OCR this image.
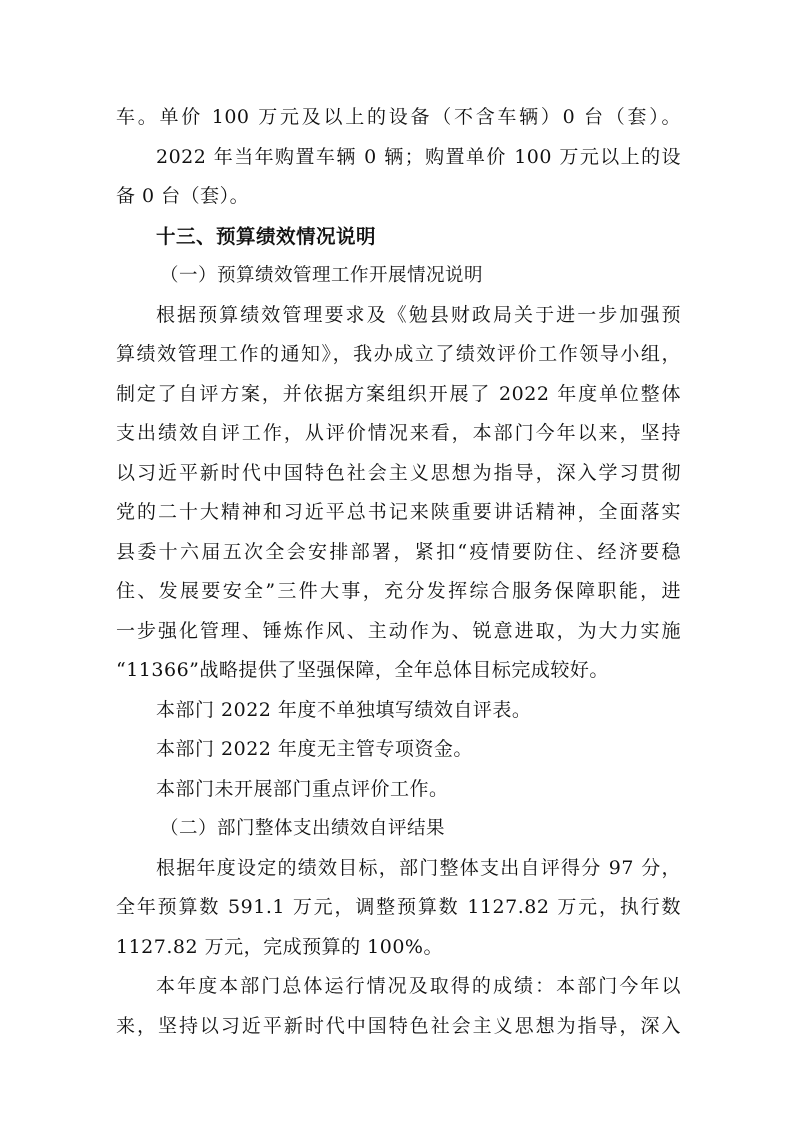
车。单价 100 万元及以上的设备（不含车辆）0 台（套）。
2022 年当年购置车辆 0 辆；购置单价 100 万元以上的设
备 0 台（套）。
十三、预算绩效情况说明
（一）预算绩效管理工作开展情况说明
根据预算绩效管理要求及《勉县财政局关于进一步加强预
算绩效管理工作的通知》，我办成立了绩效评价工作领导小组，
制定了自评方案，并依据方案组织开展了 2022 年度单位整体
支出绩效自评工作，从评价情况来看，本部门今年以来，坚持
以习近平新时代中国特色社会主义思想为指导，深入学习贯彻
党的二十大精神和习近平总书记来陕重要讲话精神，全面落实
县委十六届五次全会安排部署，紧扣“疫情要防住、经济要稳
住、发展要安全”三件大事，充分发挥综合服务保障职能，进
一步强化管理、锤炼作风、主动作为、锐意进取，为大力实施
“11366”战略提供了坚强保障，全年总体目标完成较好。
本部门 2022 年度不单独填写绩效自评表。
本部门 2022 年度无主管专项资金。
本部门未开展部门重点评价工作。
（二）部门整体支出绩效自评结果
根据年度设定的绩效目标，部门整体支出自评得分 97 分，
全年预算数 591.1 万元，调整预算数 1127.82 万元，执行数
1127.82 万元，完成预算的 100%。
本年度本部门总体运行情况及取得的成绩：本部门今年以
来，坚持以习近平新时代中国特色社会主义思想为指导，深入
